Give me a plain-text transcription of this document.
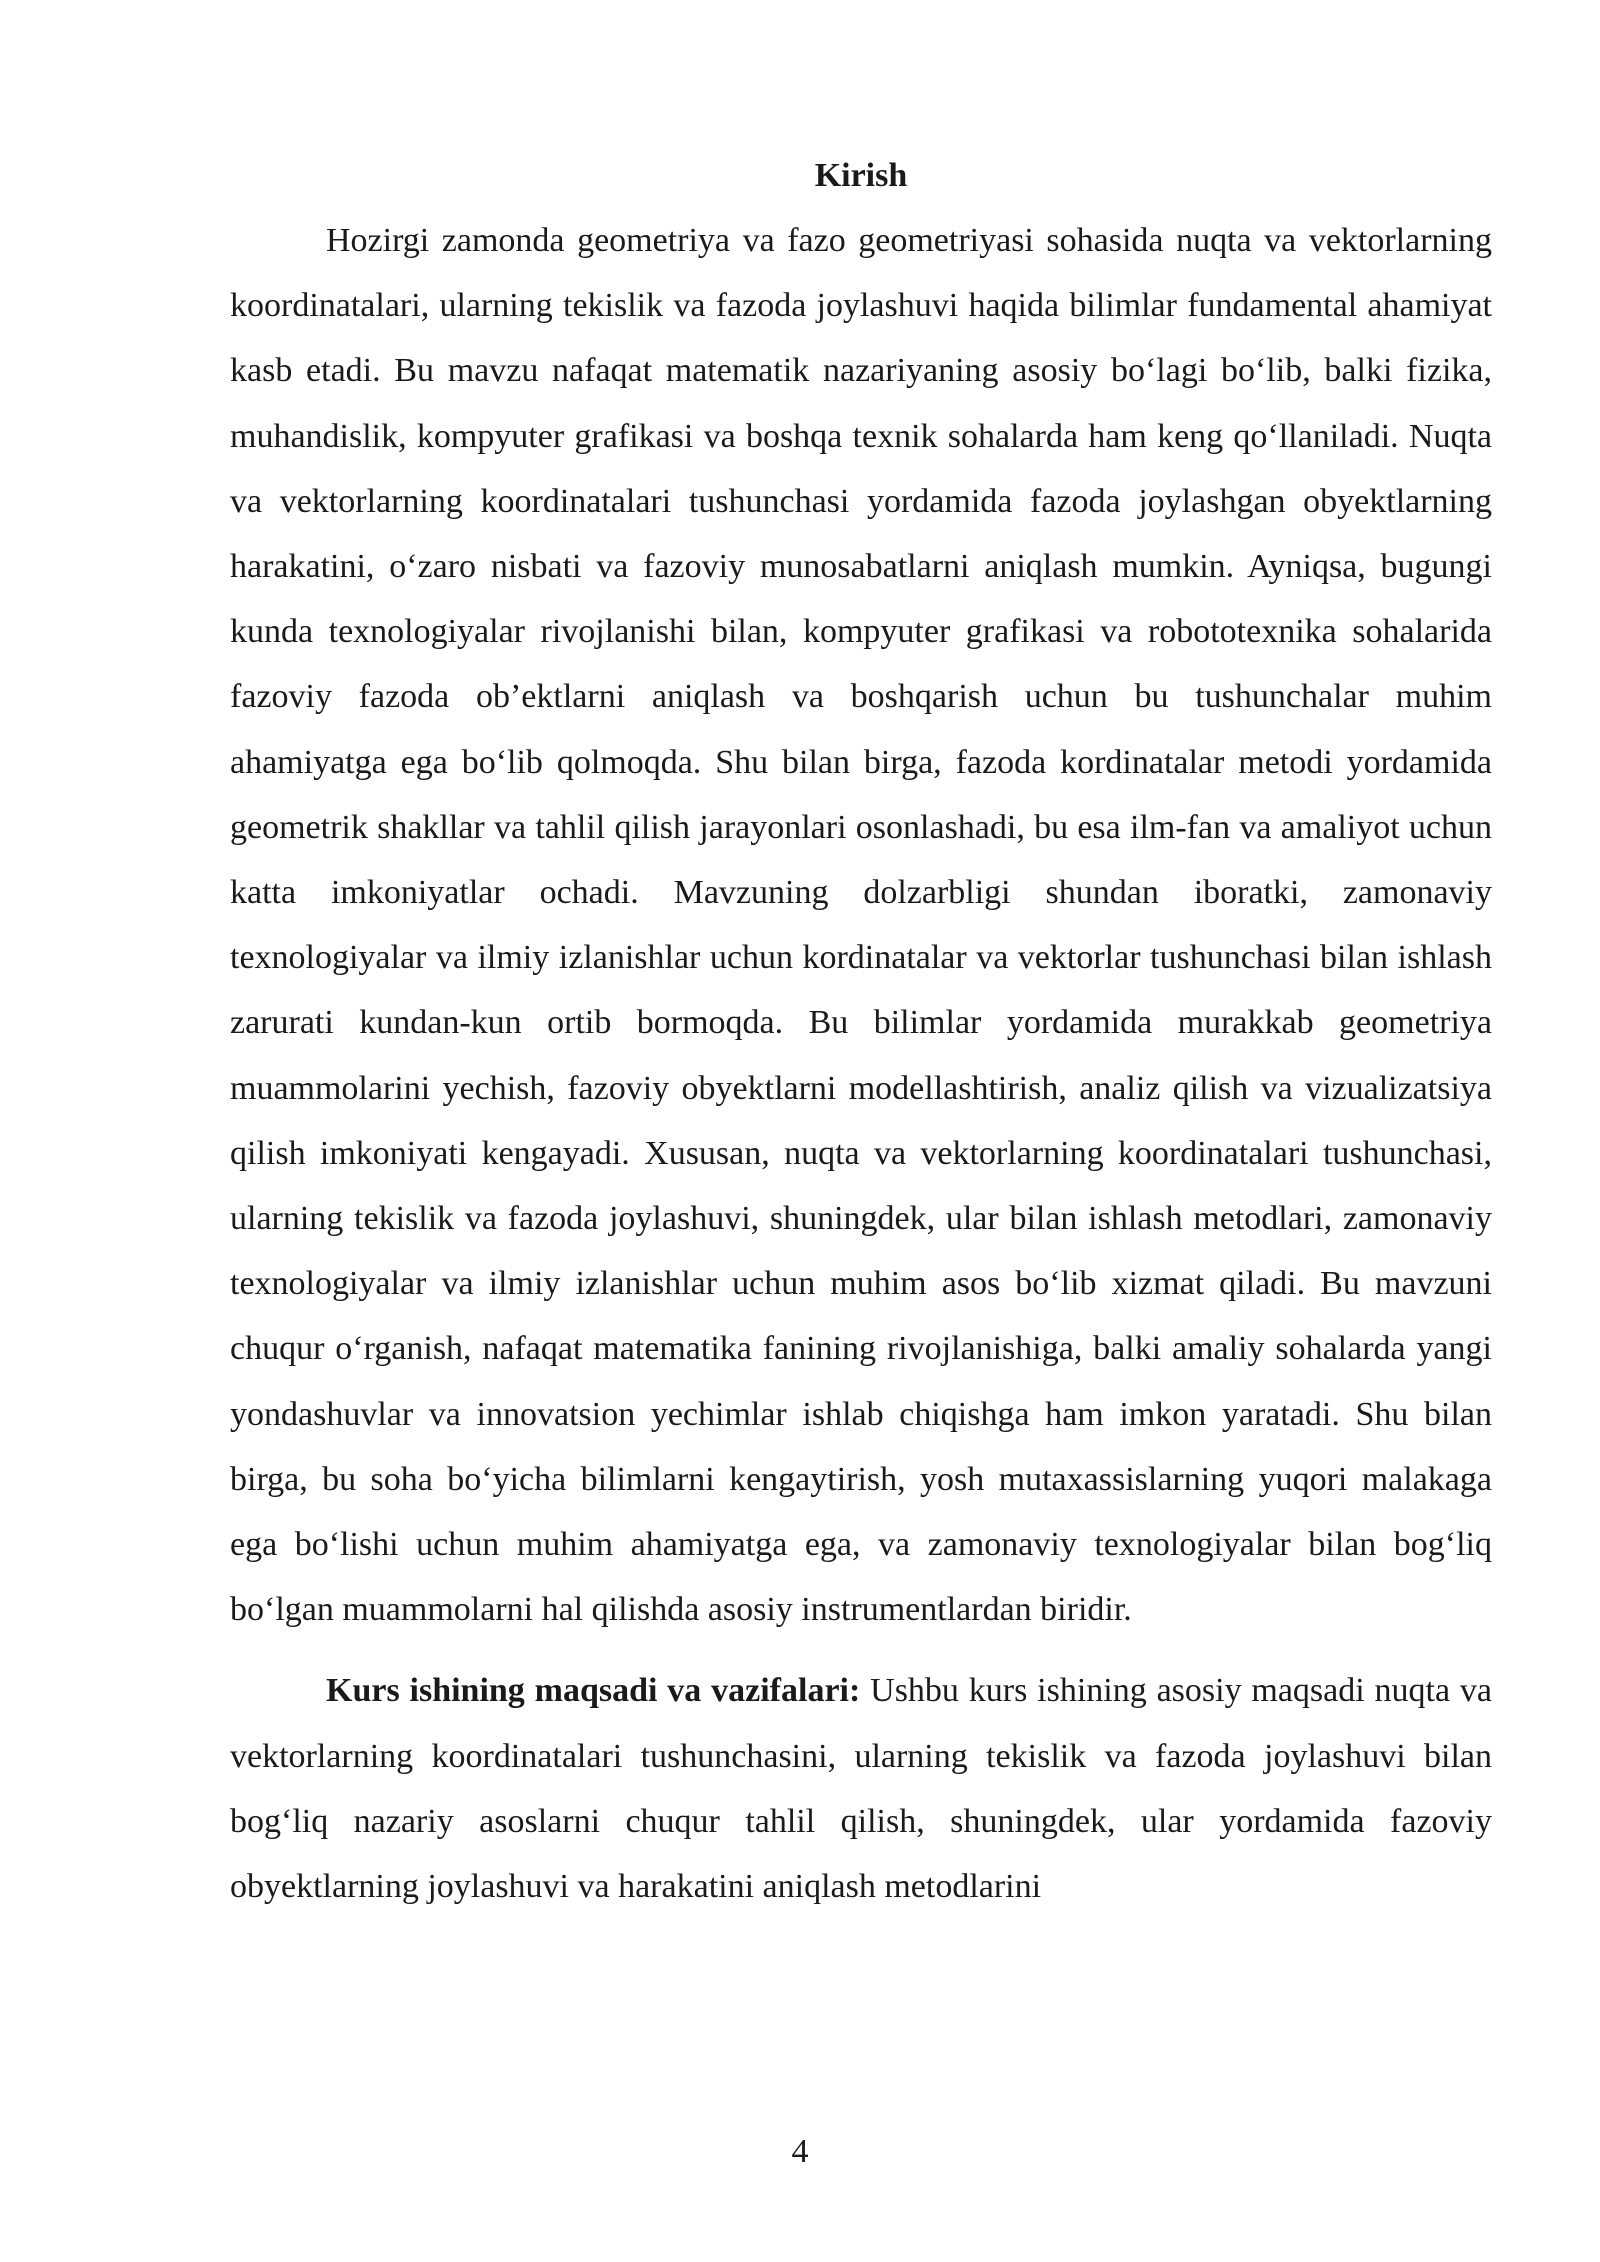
Kirish

Hozirgi zamonda geometriya va fazo geometriyasi sohasida nuqta va vektorlarning koordinatalari, ularning tekislik va fazoda joylashuvi haqida bilimlar fundamental ahamiyat kasb etadi. Bu mavzu nafaqat matematik nazariyaning asosiy bo‘lagi bo‘lib, balki fizika, muhandislik, kompyuter grafikasi va boshqa texnik sohalarda ham keng qo‘llaniladi. Nuqta va vektorlarning koordinatalari tushunchasi yordamida fazoda joylashgan obyektlarning harakatini, o‘zaro nisbati va fazoviy munosabatlarni aniqlash mumkin. Ayniqsa, bugungi kunda texnologiyalar rivojlanishi bilan, kompyuter grafikasi va robototexnika sohalarida fazoviy fazoda ob’ektlarni aniqlash va boshqarish uchun bu tushunchalar muhim ahamiyatga ega bo‘lib qolmoqda. Shu bilan birga, fazoda kordinatalar metodi yordamida geometrik shakllar va tahlil qilish jarayonlari osonlashadi, bu esa ilm-fan va amaliyot uchun katta imkoniyatlar ochadi. Mavzuning dolzarbligi shundan iboratki, zamonaviy texnologiyalar va ilmiy izlanishlar uchun kordinatalar va vektorlar tushunchasi bilan ishlash zarurati kundan-kun ortib bormoqda. Bu bilimlar yordamida murakkab geometriya muammolarini yechish, fazoviy obyektlarni modellashtirish, analiz qilish va vizualizatsiya qilish imkoniyati kengayadi. Xususan, nuqta va vektorlarning koordinatalari tushunchasi, ularning tekislik va fazoda joylashuvi, shuningdek, ular bilan ishlash metodlari, zamonaviy texnologiyalar va ilmiy izlanishlar uchun muhim asos bo‘lib xizmat qiladi. Bu mavzuni chuqur o‘rganish, nafaqat matematika fanining rivojlanishiga, balki amaliy sohalarda yangi yondashuvlar va innovatsion yechimlar ishlab chiqishga ham imkon yaratadi. Shu bilan birga, bu soha bo‘yicha bilimlarni kengaytirish, yosh mutaxassislarning yuqori malakaga ega bo‘lishi uchun muhim ahamiyatga ega, va zamonaviy texnologiyalar bilan bog‘liq bo‘lgan muammolarni hal qilishda asosiy instrumentlardan biridir.

Kurs ishining maqsadi va vazifalari: Ushbu kurs ishining asosiy maqsadi nuqta va vektorlarning koordinatalari tushunchasini, ularning tekislik va fazoda joylashuvi bilan bog‘liq nazariy asoslarni chuqur tahlil qilish, shuningdek, ular yordamida fazoviy obyektlarning joylashuvi va harakatini aniqlash metodlarini

4
